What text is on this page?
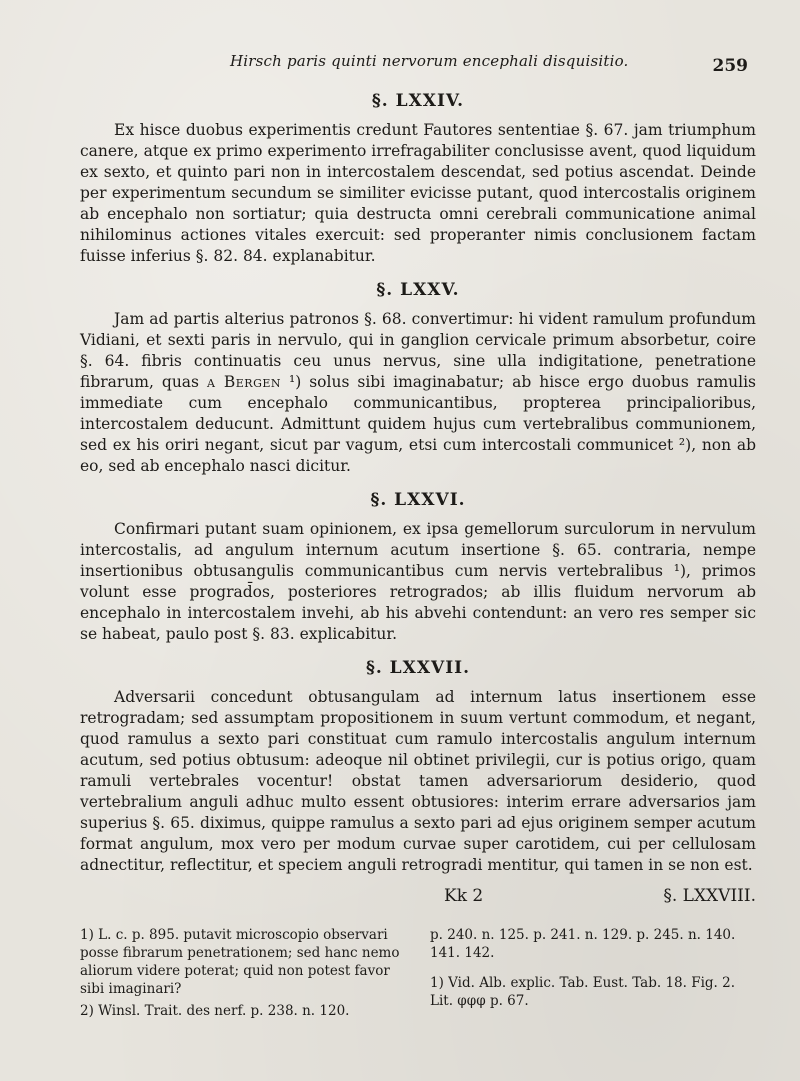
Hirsch paris quinti nervorum encephali disquisitio.	259
§. LXXIV.

Ex hisce duobus experimentis credunt Fautores sententiae §. 67. jam triumphum canere, atque ex primo experimento irrefragabiliter conclusisse avent, quod liquidum ex sexto, et quinto pari non in intercostalem descendat, sed potius ascendat. Deinde per experimentum secundum se similiter evicisse putant, quod intercostalis originem ab encephalo non sortiatur; quia destructa omni cerebrali communicatione animal nihilominus actiones vitales exercuit: sed properanter nimis conclusionem factam fuisse inferius §. 82. 84. explanabitur.

§. LXXV.

Jam ad partis alterius patronos §. 68. convertimur: hi vident ramulum profundum Vidiani, et sexti paris in nervulo, qui in ganglion cervicale primum absorbetur, coire §. 64. fibris continuatis ceu unus nervus, sine ulla indigitatione, penetratione fibrarum, quas a Bergen ¹) solus sibi imaginabatur; ab hisce ergo duobus ramulis immediate cum encephalo communicantibus, propterea principalioribus, intercostalem deducunt. Admittunt quidem hujus cum vertebralibus communionem, sed ex his oriri negant, sicut par vagum, etsi cum intercostali communicet ²), non ab eo, sed ab encephalo nasci dicitur.

§. LXXVI.

Confirmari putant suam opinionem, ex ipsa gemellorum surculorum in nervulum intercostalis, ad angulum internum acutum insertione §. 65. contraria, nempe insertionibus obtusangulis communicantibus cum nervis vertebralibus ¹), primos volunt esse prograd̄os, posteriores retrogrados; ab illis fluidum nervorum ab encephalo in intercostalem invehi, ab his abvehi contendunt: an vero res semper sic se habeat, paulo post §. 83. explicabitur.

§. LXXVII.

Adversarii concedunt obtusangulam ad internum latus insertionem esse retrogradam; sed assumptam propositionem in suum vertunt commodum, et negant, quod ramulus a sexto pari constituat cum ramulo intercostalis angulum internum acutum, sed potius obtusum: adeoque nil obtinet privilegii, cur is potius origo, quam ramuli vertebrales vocentur! obstat tamen adversariorum desiderio, quod vertebralium anguli adhuc multo essent obtusiores: interim errare adversarios jam superius §. 65. diximus, quippe ramulus a sexto pari ad ejus originem semper acutum format angulum, mox vero per modum curvae super carotidem, cui per cellulosam adnectitur, reflectitur, et speciem anguli retrogradi mentitur, qui tamen in se non est.

Kk 2	§. LXXVIII.

1) L. c. p. 895. putavit microscopio observari posse fibrarum penetrationem; sed hanc nemo aliorum videre poterat; quid non potest favor sibi imaginari?

2) Winsl. Trait. des nerf. p. 238. n. 120.

p. 240. n. 125. p. 241. n. 129. p. 245. n. 140. 141. 142.

1) Vid. Alb. explic. Tab. Eust. Tab. 18. Fig. 2. Lit. φφφ p. 67.
